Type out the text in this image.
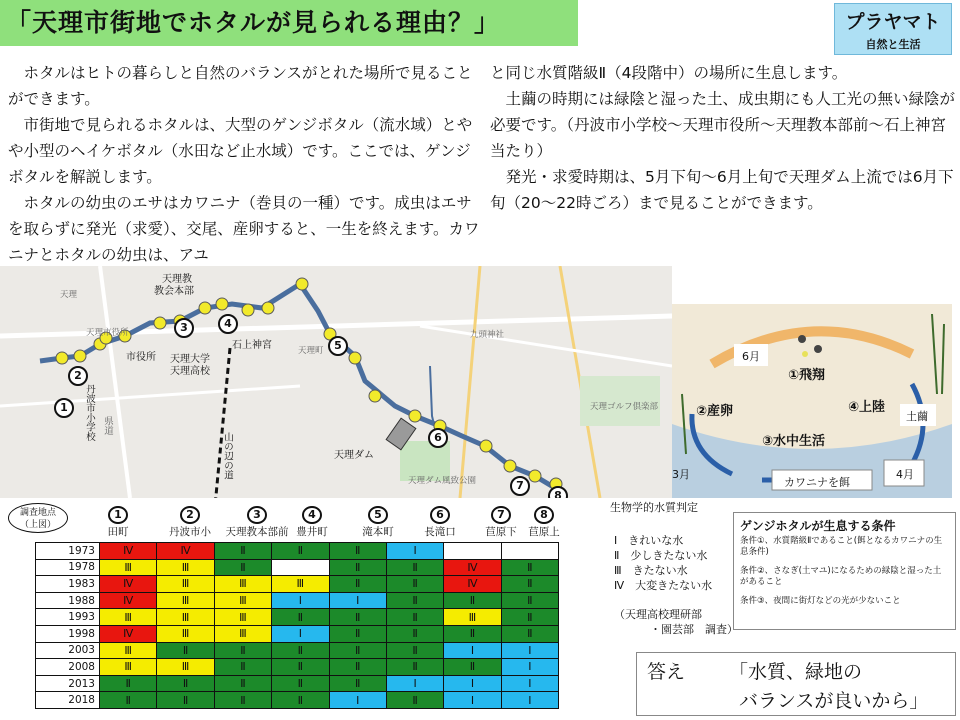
「天理市街地でホタルが見られる理由？」	プラヤマト
自然と生活

ホタルはヒトの暮らしと自然のバランスがとれた場所で見ることができます。

市街地で見られるホタルは、大型のゲンジボタル（流水域）とやや小型のヘイケボタル（水田など止水域）です。ここでは、ゲンジボタルを解説します。

ホタルの幼虫のエサはカワニナ（巻貝の一種）です。成虫はエサを取らずに発光（求愛）、交尾、産卵すると、一生を終えます。カワニナとホタルの幼虫は、アユ

と同じ水質階級Ⅱ（4段階中）の場所に生息します。

土繭の時期には緑陰と湿った土、成虫期にも人工光の無い緑陰が必要です。（丹波市小学校～天理市役所～天理教本部前～石上神宮当たり）

発光・求愛時期は、5月下旬～6月上旬で天理ダム上流では6月下旬（20～22時ごろ）まで見ることができます。

天理
天理教
教会本部
市役所
天理市役所
天理大学
天理高校
石上神宮	天理町
天理ダム
九頭神社
天理ダム風致公園
天理ゴルフ倶楽部
丹波市小学校
山の辺の道
県道
1
2
3	4
5
6
7
8
①飛翔
②産卵
③水中生活
④上陸
6月
3月	4月
カワニナを餌
土繭
調査地点
（上図）
1
田町
2
丹波市小
3
天理教本部前
4
豊井町
5
滝本町
6
長滝口
7
苣原下
8
苣原上
1973	Ⅳ	Ⅳ	Ⅱ	Ⅱ	Ⅱ	Ⅰ		
1978	Ⅲ	Ⅲ	Ⅱ		Ⅱ	Ⅱ	Ⅳ	Ⅱ
1983	Ⅳ	Ⅲ	Ⅲ	Ⅲ	Ⅱ	Ⅱ	Ⅳ	Ⅱ
1988	Ⅳ	Ⅲ	Ⅲ	Ⅰ	Ⅰ	Ⅱ	Ⅱ	Ⅱ
1993	Ⅲ	Ⅲ	Ⅲ	Ⅱ	Ⅱ	Ⅱ	Ⅲ	Ⅱ
1998	Ⅳ	Ⅲ	Ⅲ	Ⅰ	Ⅱ	Ⅱ	Ⅱ	Ⅱ
2003	Ⅲ	Ⅱ	Ⅱ	Ⅱ	Ⅱ	Ⅱ	Ⅰ	Ⅰ
2008	Ⅲ	Ⅲ	Ⅱ	Ⅱ	Ⅱ	Ⅱ	Ⅱ	Ⅰ
2013	Ⅱ	Ⅱ	Ⅱ	Ⅱ	Ⅱ	Ⅰ	Ⅰ	Ⅰ
2018	Ⅱ	Ⅱ	Ⅱ	Ⅱ	Ⅰ	Ⅱ	Ⅰ	Ⅰ
生物学的水質判定
Ⅰ　きれいな水
Ⅱ　少しきたない水
Ⅲ　きたない水
Ⅳ　大変きたない水
（天理高校理研部
・園芸部　調査）
ゲンジホタルが生息する条件
条件①、水質階級Ⅱであること(餌となるカワニナの生息条件)
条件②、さなぎ(土マユ)になるための緑陰と湿った土があること
条件③、夜間に街灯などの光が少ないこと
答え 「水質、緑地の
バランスが良いから」
